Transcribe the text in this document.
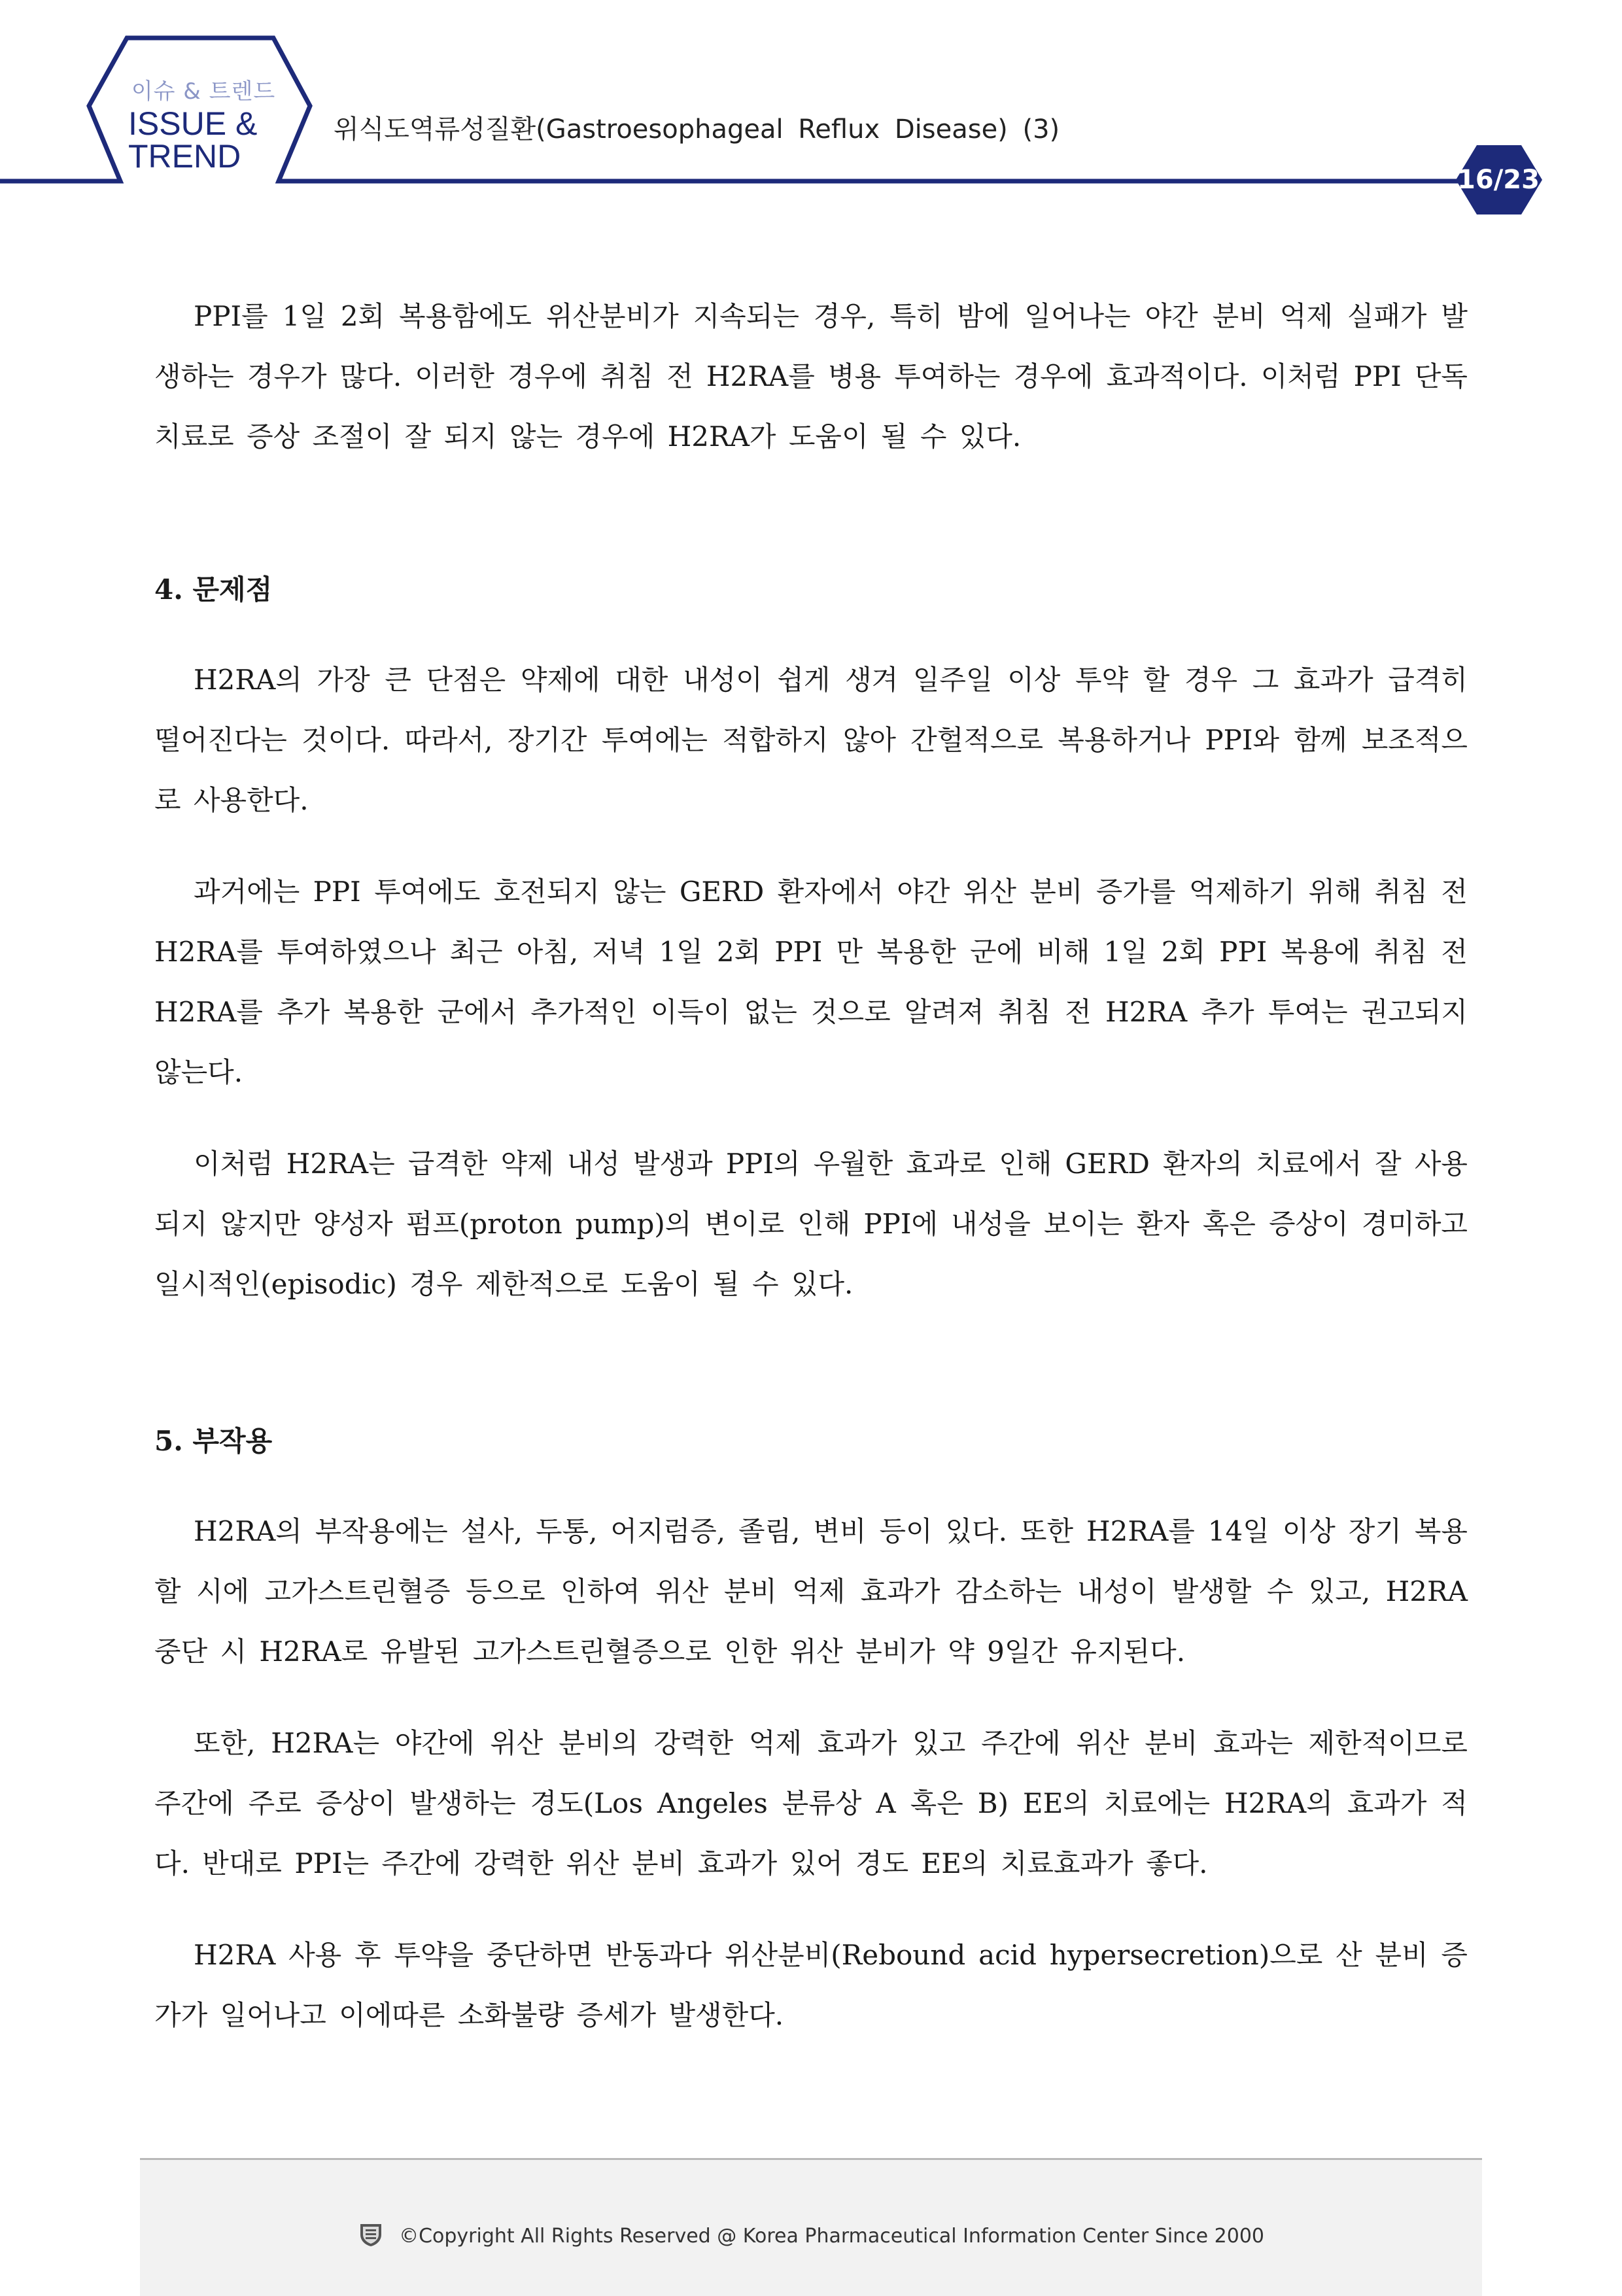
이슈 & 트렌드
ISSUE &
TREND
위식도역류성질환(Gastroesophageal Reflux Disease) (3)
16/23

PPI를 1일 2회 복용함에도 위산분비가 지속되는 경우, 특히 밤에 일어나는 야간 분비 억제 실패가 발생하는 경우가 많다. 이러한 경우에 취침 전 H2RA를 병용 투여하는 경우에 효과적이다. 이처럼 PPI 단독 치료로 증상 조절이 잘 되지 않는 경우에 H2RA가 도움이 될 수 있다.

4. 문제점

H2RA의 가장 큰 단점은 약제에 대한 내성이 쉽게 생겨 일주일 이상 투약 할 경우 그 효과가 급격히 떨어진다는 것이다. 따라서, 장기간 투여에는 적합하지 않아 간헐적으로 복용하거나 PPI와 함께 보조적으로 사용한다.

과거에는 PPI 투여에도 호전되지 않는 GERD 환자에서 야간 위산 분비 증가를 억제하기 위해 취침 전 H2RA를 투여하였으나 최근 아침, 저녁 1일 2회 PPI 만 복용한 군에 비해 1일 2회 PPI 복용에 취침 전 H2RA를 추가 복용한 군에서 추가적인 이득이 없는 것으로 알려져 취침 전 H2RA 추가 투여는 권고되지 않는다.

이처럼 H2RA는 급격한 약제 내성 발생과 PPI의 우월한 효과로 인해 GERD 환자의 치료에서 잘 사용되지 않지만 양성자 펌프(proton pump)의 변이로 인해 PPI에 내성을 보이는 환자 혹은 증상이 경미하고 일시적인(episodic) 경우 제한적으로 도움이 될 수 있다.

5. 부작용

H2RA의 부작용에는 설사, 두통, 어지럼증, 졸림, 변비 등이 있다. 또한 H2RA를 14일 이상 장기 복용할 시에 고가스트린혈증 등으로 인하여 위산 분비 억제 효과가 감소하는 내성이 발생할 수 있고, H2RA 중단 시 H2RA로 유발된 고가스트린혈증으로 인한 위산 분비가 약 9일간 유지된다.

또한, H2RA는 야간에 위산 분비의 강력한 억제 효과가 있고 주간에 위산 분비 효과는 제한적이므로 주간에 주로 증상이 발생하는 경도(Los Angeles 분류상 A 혹은 B) EE의 치료에는 H2RA의 효과가 적다. 반대로 PPI는 주간에 강력한 위산 분비 효과가 있어 경도 EE의 치료효과가 좋다.

H2RA 사용 후 투약을 중단하면 반동과다 위산분비(Rebound acid hypersecretion)으로 산 분비 증가가 일어나고 이에따른 소화불량 증세가 발생한다.

©Copyright All Rights Reserved @ Korea Pharmaceutical Information Center Since 2000
